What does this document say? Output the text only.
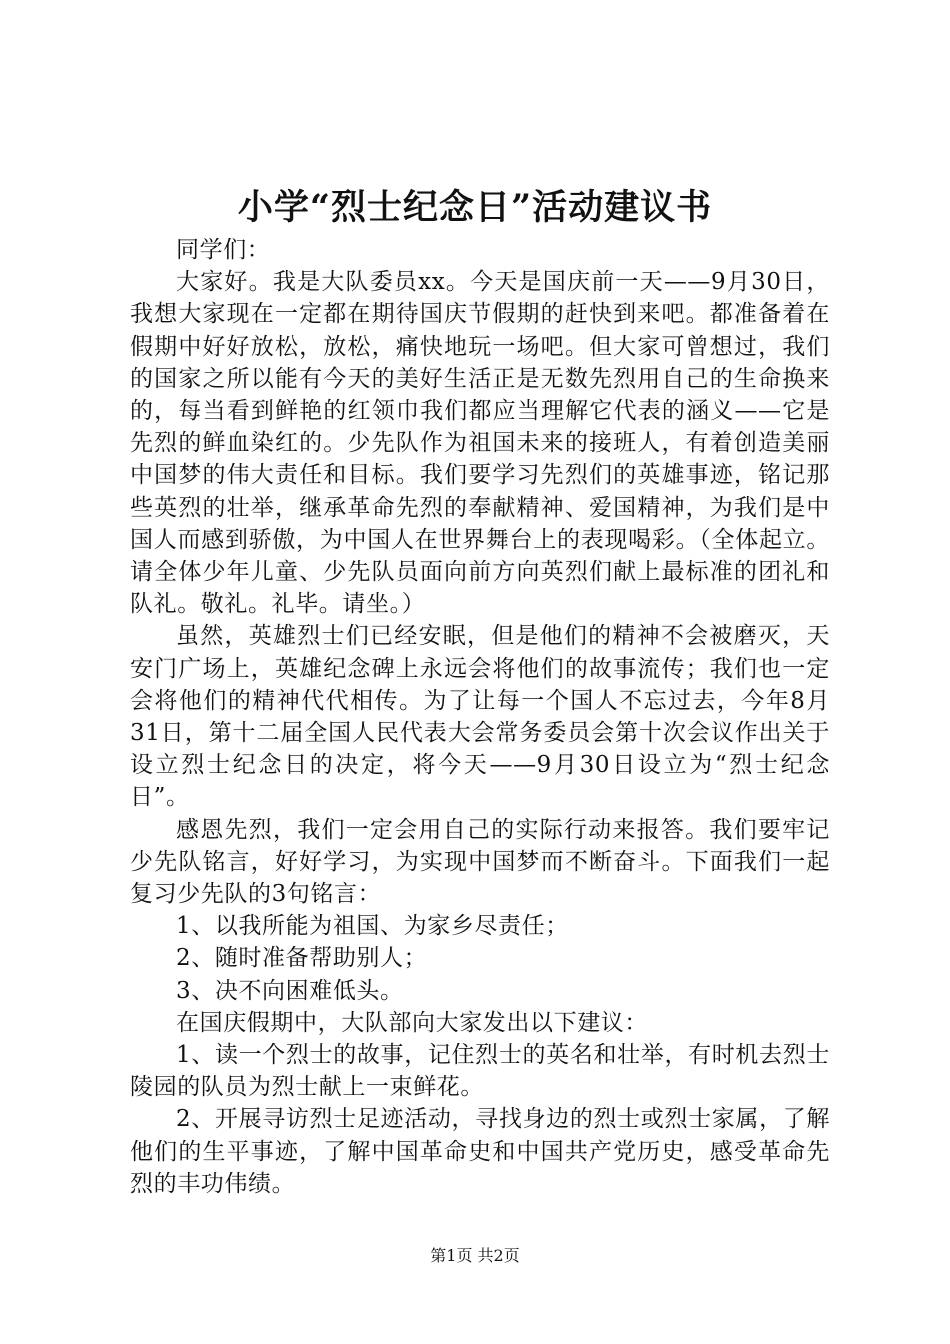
小学“烈士纪念日”活动建议书

同学们：

大家好。我是大队委员xx。今天是国庆前一天——9月30日，我想大家现在一定都在期待国庆节假期的赶快到来吧。都准备着在假期中好好放松，放松，痛快地玩一场吧。但大家可曾想过，我们的国家之所以能有今天的美好生活正是无数先烈用自己的生命换来的，每当看到鲜艳的红领巾我们都应当理解它代表的涵义——它是先烈的鲜血染红的。少先队作为祖国未来的接班人，有着创造美丽中国梦的伟大责任和目标。我们要学习先烈们的英雄事迹，铭记那些英烈的壮举，继承革命先烈的奉献精神、爱国精神，为我们是中国人而感到骄傲，为中国人在世界舞台上的表现喝彩。（全体起立。请全体少年儿童、少先队员面向前方向英烈们献上最标准的团礼和队礼。敬礼。礼毕。请坐。）

虽然，英雄烈士们已经安眠，但是他们的精神不会被磨灭，天安门广场上，英雄纪念碑上永远会将他们的故事流传；我们也一定会将他们的精神代代相传。为了让每一个国人不忘过去，今年8月31日，第十二届全国人民代表大会常务委员会第十次会议作出关于设立烈士纪念日的决定，将今天——9月30日设立为“烈士纪念日”。

感恩先烈，我们一定会用自己的实际行动来报答。我们要牢记少先队铭言，好好学习，为实现中国梦而不断奋斗。下面我们一起复习少先队的3句铭言：

1、以我所能为祖国、为家乡尽责任；

2、随时准备帮助别人；

3、决不向困难低头。

在国庆假期中，大队部向大家发出以下建议：

1、读一个烈士的故事，记住烈士的英名和壮举，有时机去烈士陵园的队员为烈士献上一束鲜花。

2、开展寻访烈士足迹活动，寻找身边的烈士或烈士家属，了解他们的生平事迹，了解中国革命史和中国共产党历史，感受革命先烈的丰功伟绩。

第1页 共2页
